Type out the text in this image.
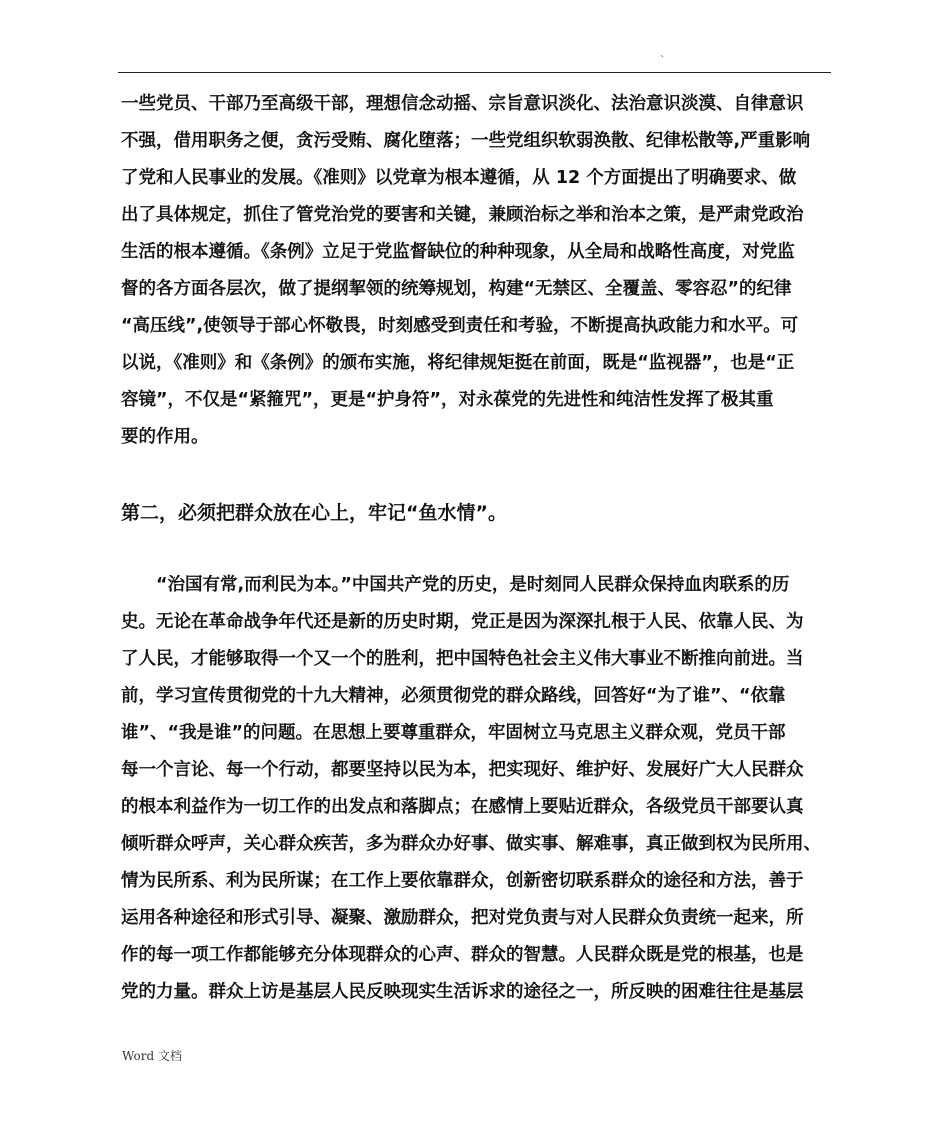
`
一些党员、干部乃至高级干部，理想信念动摇、宗旨意识淡化、法治意识淡漠、自律意识
不强，借用职务之便，贪污受贿、腐化堕落；一些党组织软弱涣散、纪律松散等,严重影响
了党和人民事业的发展。《准则》以党章为根本遵循，从 12 个方面提出了明确要求、做
出了具体规定，抓住了管党治党的要害和关键，兼顾治标之举和治本之策，是严肃党政治
生活的根本遵循。《条例》立足于党监督缺位的种种现象，从全局和战略性高度，对党监
督的各方面各层次，做了提纲挈领的统筹规划，构建“无禁区、全覆盖、零容忍”的纪律
“高压线”,使领导于部心怀敬畏，时刻感受到责任和考验，不断提高执政能力和水平。可
以说，《准则》和《条例》的颁布实施，将纪律规矩挺在前面，既是“监视器”，也是“正
容镜”，不仅是“紧箍咒”，更是“护身符”，对永葆党的先进性和纯洁性发挥了极其重
要的作用。
第二，必须把群众放在心上，牢记“鱼水情”。
　　“治国有常,而利民为本。”中国共产党的历史，是时刻同人民群众保持血肉联系的历
史。无论在革命战争年代还是新的历史时期，党正是因为深深扎根于人民、依靠人民、为
了人民，才能够取得一个又一个的胜利，把中国特色社会主义伟大事业不断推向前进。当
前，学习宣传贯彻党的十九大精神，必须贯彻党的群众路线，回答好“为了谁”、“依靠
谁”、“我是谁”的问题。在思想上要尊重群众，牢固树立马克思主义群众观，党员干部
每一个言论、每一个行动，都要坚持以民为本，把实现好、维护好、发展好广大人民群众
的根本利益作为一切工作的出发点和落脚点；在感情上要贴近群众，各级党员干部要认真
倾听群众呼声，关心群众疾苦，多为群众办好事、做实事、解难事，真正做到权为民所用、
情为民所系、利为民所谋；在工作上要依靠群众，创新密切联系群众的途径和方法，善于
运用各种途径和形式引导、凝聚、激励群众，把对党负责与对人民群众负责统一起来，所
作的每一项工作都能够充分体现群众的心声、群众的智慧。人民群众既是党的根基，也是
党的力量。群众上访是基层人民反映现实生活诉求的途径之一，所反映的困难往往是基层
Word 文档
